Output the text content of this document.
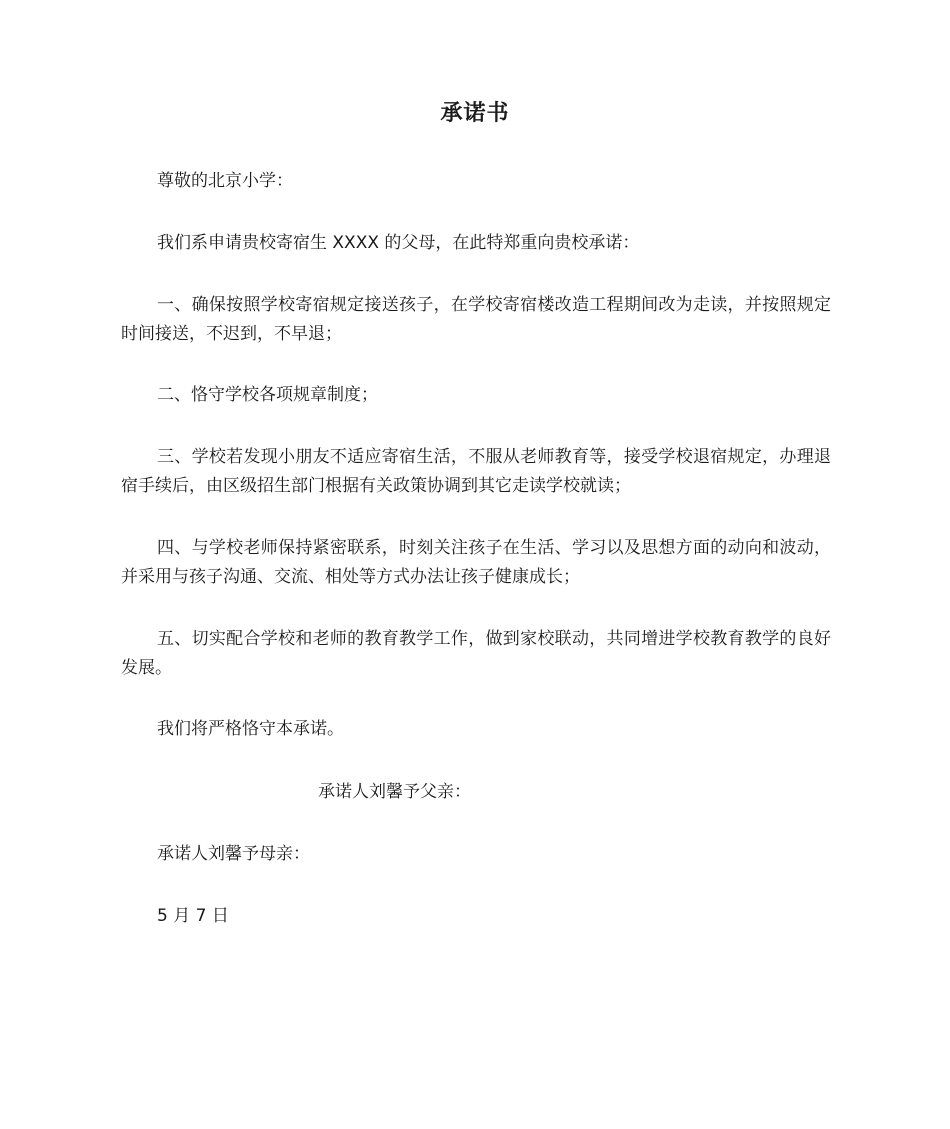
承诺书

尊敬的北京小学：

我们系申请贵校寄宿生 XXXX 的父母，在此特郑重向贵校承诺：

一、确保按照学校寄宿规定接送孩子，在学校寄宿楼改造工程期间改为走读，并按照规定时间接送，不迟到，不早退；

二、恪守学校各项规章制度；

三、学校若发现小朋友不适应寄宿生活，不服从老师教育等，接受学校退宿规定，办理退宿手续后，由区级招生部门根据有关政策协调到其它走读学校就读；

四、与学校老师保持紧密联系，时刻关注孩子在生活、学习以及思想方面的动向和波动，并采用与孩子沟通、交流、相处等方式办法让孩子健康成长；

五、切实配合学校和老师的教育教学工作，做到家校联动，共同增进学校教育教学的良好发展。

我们将严格恪守本承诺。

承诺人刘馨予父亲：

承诺人刘馨予母亲：

5 月 7 日
